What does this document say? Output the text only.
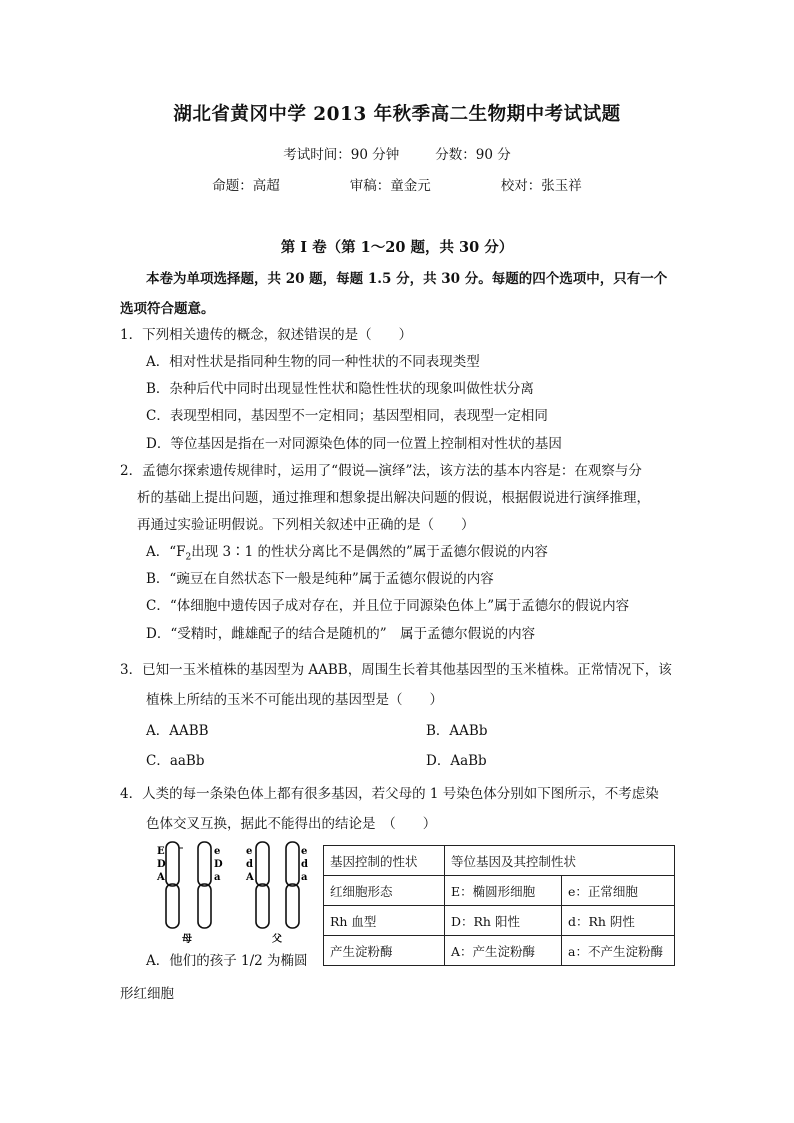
湖北省黄冈中学 2013 年秋季高二生物期中考试试题
考试时间：90 分钟	分数：90 分
命题：高超	审稿：童金元	校对：张玉祥
第 I 卷（第 1～20 题，共 30 分）
本卷为单项选择题，共 20 题，每题 1.5 分，共 30 分。每题的四个选项中，只有一个
选项符合题意。
1．下列相关遗传的概念，叙述错误的是（　　）
A．相对性状是指同种生物的同一种性状的不同表现类型
B．杂种后代中同时出现显性性状和隐性性状的现象叫做性状分离
C．表现型相同，基因型不一定相同；基因型相同，表现型一定相同
D．等位基因是指在一对同源染色体的同一位置上控制相对性状的基因
2．孟德尔探索遗传规律时，运用了“假说—演绎”法，该方法的基本内容是：在观察与分
析的基础上提出问题，通过推理和想象提出解决问题的假说，根据假说进行演绎推理，
再通过实验证明假说。下列相关叙述中正确的是（　　）
A．“$F_2$出现 3∶1 的性状分离比不是偶然的”属于孟德尔假说的内容
B．“豌豆在自然状态下一般是纯种”属于孟德尔假说的内容
C．“体细胞中遗传因子成对存在，并且位于同源染色体上”属于孟德尔的假说内容
D．“受精时，雌雄配子的结合是随机的”　属于孟德尔假说的内容
3．已知一玉米植株的基因型为 AABB，周围生长着其他基因型的玉米植株。正常情况下，该
植株上所结的玉米不可能出现的基因型是（　　）
A．AABB	B．AABb
C．aaBb	D．AaBb
4．人类的每一条染色体上都有很多基因，若父母的 1 号染色体分别如下图所示，不考虑染
色体交叉互换，据此不能得出的结论是　（　　）
E
D
A
e
D
a
母
e
d
A
e
d
a
父
基因控制的性状	等位基因及其控制性状	
红细胞形态	E：椭圆形细胞	e：正常细胞
Rh 血型	D：Rh 阳性	d：Rh 阴性
产生淀粉酶	A：产生淀粉酶	a：不产生淀粉酶
A．他们的孩子 1/2 为椭圆
形红细胞
